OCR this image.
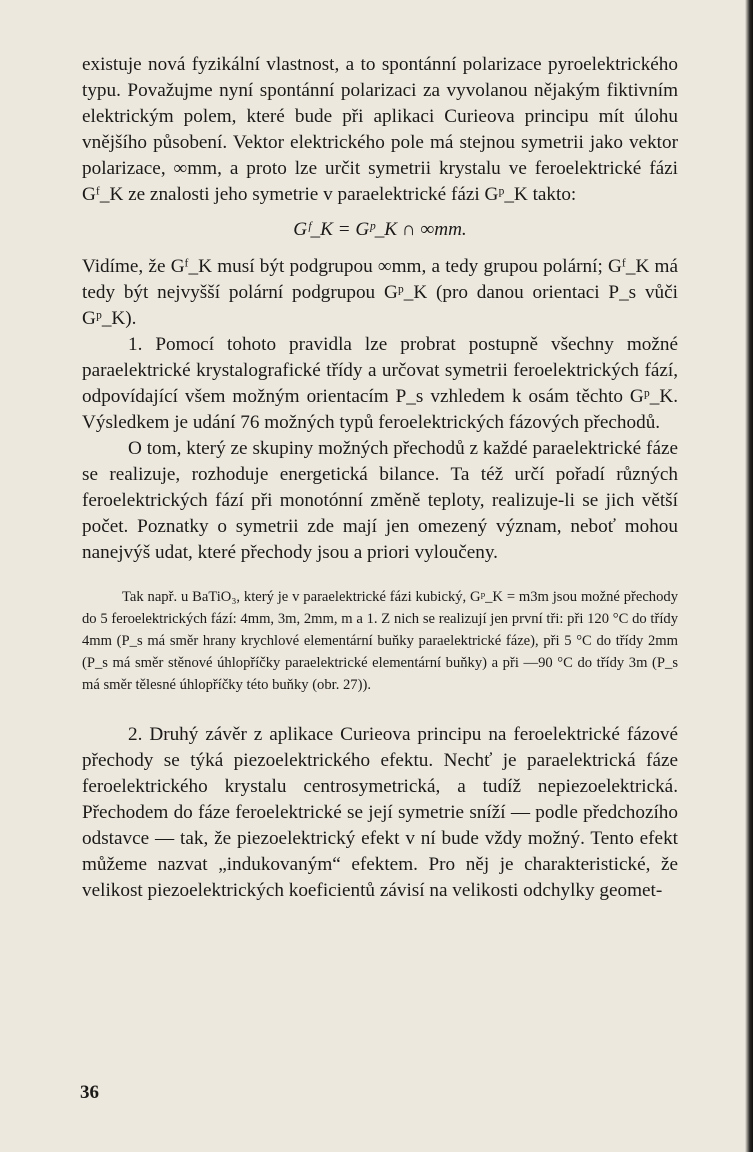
existuje nová fyzikální vlastnost, a to spontánní polarizace pyroelektrického typu. Považujme nyní spontánní polarizaci za vyvolanou nějakým fiktivním elektrickým polem, které bude při aplikaci Curieova principu mít úlohu vnějšího působení. Vektor elektrického pole má stejnou symetrii jako vektor polarizace, ∞mm, a proto lze určit symetrii krystalu ve feroelektrické fázi Gᶠ_K ze znalosti jeho symetrie v paraelektrické fázi Gᵖ_K takto:

Gᶠ_K = Gᵖ_K ∩ ∞mm.

Vidíme, že Gᶠ_K musí být podgrupou ∞mm, a tedy grupou polární; Gᶠ_K má tedy být nejvyšší polární podgrupou Gᵖ_K (pro danou orientaci P_s vůči Gᵖ_K).

1. Pomocí tohoto pravidla lze probrat postupně všechny možné paraelektrické krystalografické třídy a určovat symetrii feroelektrických fází, odpovídající všem možným orientacím P_s vzhledem k osám těchto Gᵖ_K. Výsledkem je udání 76 možných typů feroelektrických fázových přechodů.

O tom, který ze skupiny možných přechodů z každé paraelektrické fáze se realizuje, rozhoduje energetická bilance. Ta též určí pořadí různých feroelektrických fází při monotónní změně teploty, realizuje-li se jich větší počet. Poznatky o symetrii zde mají jen omezený význam, neboť mohou nanejvýš udat, které přechody jsou a priori vyloučeny.

Tak např. u BaTiO₃, který je v paraelektrické fázi kubický, Gᵖ_K = m3m jsou možné přechody do 5 feroelektrických fází: 4mm, 3m, 2mm, m a 1. Z nich se realizují jen první tři: při 120 °C do třídy 4mm (P_s má směr hrany krychlové elementární buňky paraelektrické fáze), při 5 °C do třídy 2mm (P_s má směr stěnové úhlopříčky paraelektrické elementární buňky) a při —90 °C do třídy 3m (P_s má směr tělesné úhlopříčky této buňky (obr. 27)).

2. Druhý závěr z aplikace Curieova principu na feroelektrické fázové přechody se týká piezoelektrického efektu. Nechť je paraelektrická fáze feroelektrického krystalu centrosymetrická, a tudíž nepiezoelektrická. Přechodem do fáze feroelektrické se její symetrie sníží — podle předchozího odstavce — tak, že piezoelektrický efekt v ní bude vždy možný. Tento efekt můžeme nazvat „indukovaným“ efektem. Pro něj je charakteristické, že velikost piezoelektrických koeficientů závisí na velikosti odchylky geomet-

36
